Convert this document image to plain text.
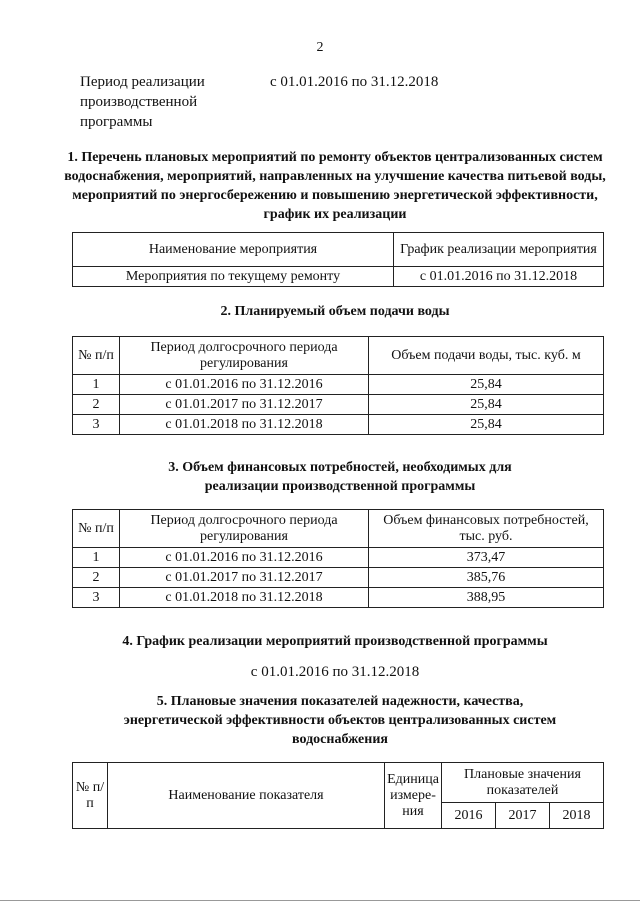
2
Период реализации производственной программы
с 01.01.2016 по 31.12.2018
1. Перечень плановых мероприятий по ремонту объектов централизованных систем водоснабжения, мероприятий, направленных на улучшение качества питьевой воды, мероприятий по энергосбережению и повышению энергетической эффективности, график их реализации
Наименование мероприятия	График реализации мероприятия
Мероприятия по текущему ремонту	с 01.01.2016 по 31.12.2018
2. Планируемый объем подачи воды
№ п/п	Период долгосрочного периода регулирования	Объем подачи воды, тыс. куб. м
1	с 01.01.2016 по 31.12.2016	25,84
2	с 01.01.2017 по 31.12.2017	25,84
3	с 01.01.2018 по 31.12.2018	25,84
3. Объем финансовых потребностей, необходимых для реализации производственной программы
№ п/п	Период долгосрочного периода регулирования	Объем финансовых потребностей, тыс. руб.
1	с 01.01.2016 по 31.12.2016	373,47
2	с 01.01.2017 по 31.12.2017	385,76
3	с 01.01.2018 по 31.12.2018	388,95
4. График реализации мероприятий производственной программы
с 01.01.2016 по 31.12.2018
5. Плановые значения показателей надежности, качества, энергетической эффективности объектов централизованных систем водоснабжения
№ п/п	Наименование показателя	Единица измере-ния	Плановые значения показателей		
			2016	2017	2018
